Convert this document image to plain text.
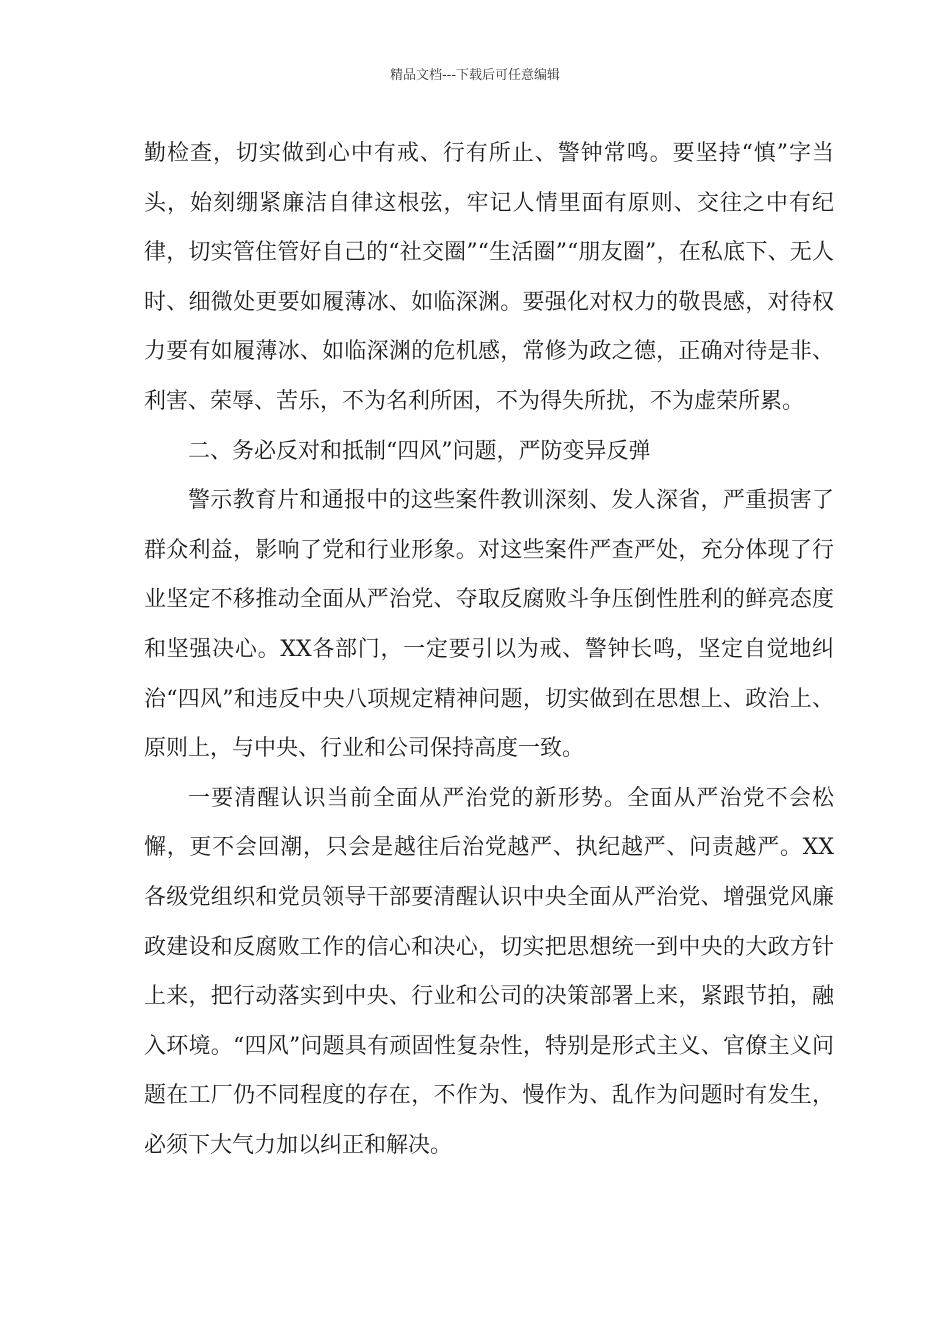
精品文档---下载后可任意编辑

勤检查，切实做到心中有戒、行有所止、警钟常鸣。要坚持“慎”字当头，始刻绷紧廉洁自律这根弦，牢记人情里面有原则、交往之中有纪律，切实管住管好自己的“社交圈”“生活圈”“朋友圈”，在私底下、无人时、细微处更要如履薄冰、如临深渊。要强化对权力的敬畏感，对待权力要有如履薄冰、如临深渊的危机感，常修为政之德，正确对待是非、利害、荣辱、苦乐，不为名利所困，不为得失所扰，不为虚荣所累。

二、务必反对和抵制“四风”问题，严防变异反弹

警示教育片和通报中的这些案件教训深刻、发人深省，严重损害了群众利益，影响了党和行业形象。对这些案件严查严处，充分体现了行业坚定不移推动全面从严治党、夺取反腐败斗争压倒性胜利的鲜亮态度和坚强决心。XX各部门，一定要引以为戒、警钟长鸣，坚定自觉地纠治“四风”和违反中央八项规定精神问题，切实做到在思想上、政治上、原则上，与中央、行业和公司保持高度一致。

一要清醒认识当前全面从严治党的新形势。全面从严治党不会松懈，更不会回潮，只会是越往后治党越严、执纪越严、问责越严。XX各级党组织和党员领导干部要清醒认识中央全面从严治党、增强党风廉政建设和反腐败工作的信心和决心，切实把思想统一到中央的大政方针上来，把行动落实到中央、行业和公司的决策部署上来，紧跟节拍，融入环境。“四风”问题具有顽固性复杂性，特别是形式主义、官僚主义问题在工厂仍不同程度的存在，不作为、慢作为、乱作为问题时有发生，必须下大气力加以纠正和解决。
